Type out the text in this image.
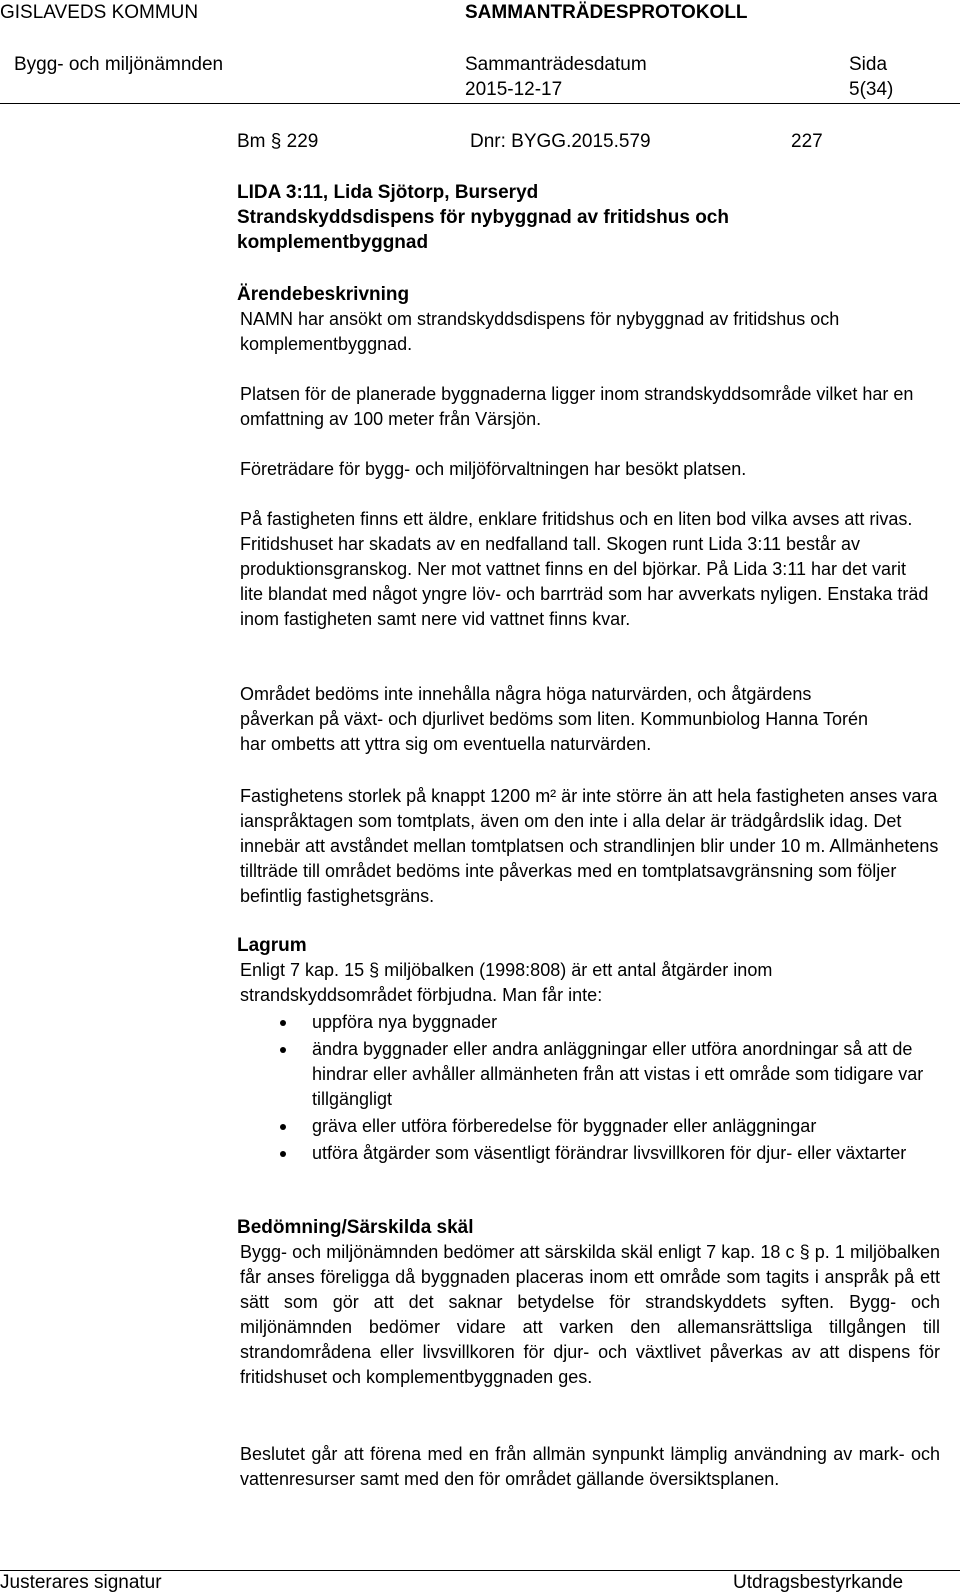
GISLAVEDS KOMMUN	SAMMANTRÄDESPROTOKOLL
Bygg- och miljönämnden	Sammanträdesdatum
2015-12-17
Sida
5(34)
Bm § 229	Dnr: BYGG.2015.579	227
LIDA 3:11, Lida Sjötorp, Burseryd
Strandskyddsdispens för nybyggnad av fritidshus och
komplementbyggnad
Ärendebeskrivning
NAMN har ansökt om strandskyddsdispens för nybyggnad av fritidshus och komplementbyggnad.
Platsen för de planerade byggnaderna ligger inom strandskyddsområde vilket har en omfattning av 100 meter från Värsjön.
Företrädare för bygg- och miljöförvaltningen har besökt platsen.
På fastigheten finns ett äldre, enklare fritidshus och en liten bod vilka avses att rivas. Fritidshuset har skadats av en nedfalland tall. Skogen runt Lida 3:11 består av produktionsgranskog. Ner mot vattnet finns en del björkar. På Lida 3:11 har det varit lite blandat med något yngre löv- och barrträd som har avverkats nyligen. Enstaka träd inom fastigheten samt nere vid vattnet finns kvar.
Området bedöms inte innehålla några höga naturvärden, och åtgärdens påverkan på växt- och djurlivet bedöms som liten. Kommunbiolog Hanna Torén har ombetts att yttra sig om eventuella naturvärden.
Fastighetens storlek på knappt 1200 m² är inte större än att hela fastigheten anses vara ianspråktagen som tomtplats, även om den inte i alla delar är trädgårdslik idag. Det innebär att avståndet mellan tomtplatsen och strandlinjen blir under 10 m. Allmänhetens tillträde till området bedöms inte påverkas med en tomtplatsavgränsning som följer befintlig fastighetsgräns.
Lagrum
Enligt 7 kap. 15 § miljöbalken (1998:808) är ett antal åtgärder inom strandskyddsområdet förbjudna. Man får inte:
uppföra nya byggnader
ändra byggnader eller andra anläggningar eller utföra anordningar så att de hindrar eller avhåller allmänheten från att vistas i ett område som tidigare var tillgängligt
gräva eller utföra förberedelse för byggnader eller anläggningar
utföra åtgärder som väsentligt förändrar livsvillkoren för djur- eller växtarter
Bedömning/Särskilda skäl
Bygg- och miljönämnden bedömer att särskilda skäl enligt 7 kap. 18 c § p. 1 miljöbalken får anses föreligga då byggnaden placeras inom ett område som tagits i anspråk på ett sätt som gör att det saknar betydelse för strandskyddets syften. Bygg- och miljönämnden bedömer vidare att varken den allemansrättsliga tillgången till strandområdena eller livsvillkoren för djur- och växtlivet påverkas av att dispens för fritidshuset och komplementbyggnaden ges.
Beslutet går att förena med en från allmän synpunkt lämplig användning av mark- och vattenresurser samt med den för området gällande översiktsplanen.
Justerares signatur	Utdragsbestyrkande
